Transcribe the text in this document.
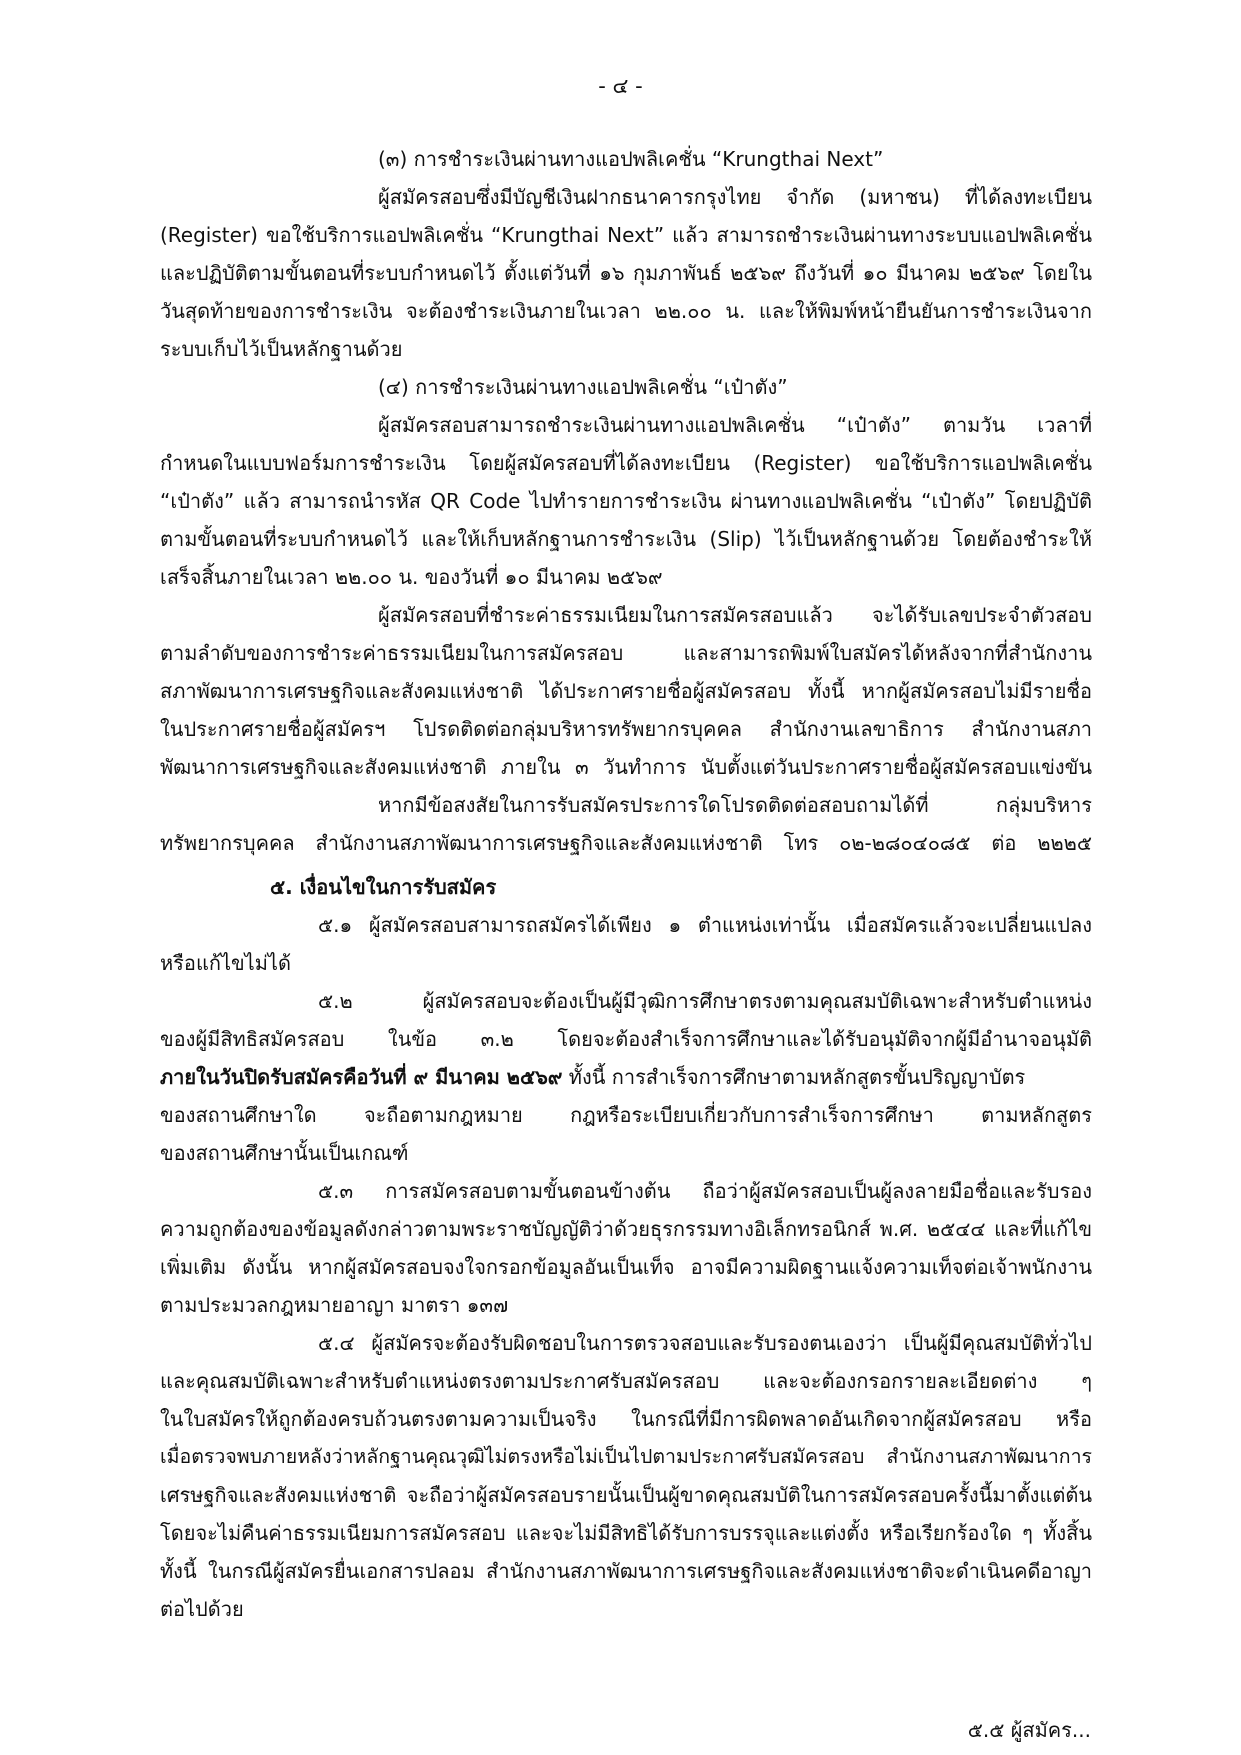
- ๔ -
(๓) การชำระเงินผ่านทางแอปพลิเคชั่น “Krungthai Next”
ผู้สมัครสอบซึ่งมีบัญชีเงินฝากธนาคารกรุงไทย จำกัด (มหาชน) ที่ได้ลงทะเบียน
(Register) ขอใช้บริการแอปพลิเคชั่น “Krungthai Next” แล้ว สามารถชำระเงินผ่านทางระบบแอปพลิเคชั่น
และปฏิบัติตามขั้นตอนที่ระบบกำหนดไว้ ตั้งแต่วันที่ ๑๖ กุมภาพันธ์ ๒๕๖๙ ถึงวันที่ ๑๐ มีนาคม ๒๕๖๙ โดยใน
วันสุดท้ายของการชำระเงิน จะต้องชำระเงินภายในเวลา ๒๒.๐๐ น. และให้พิมพ์หน้ายืนยันการชำระเงินจาก
ระบบเก็บไว้เป็นหลักฐานด้วย
(๔) การชำระเงินผ่านทางแอปพลิเคชั่น “เป๋าตัง”
ผู้สมัครสอบสามารถชำระเงินผ่านทางแอปพลิเคชั่น “เป๋าตัง” ตามวัน เวลาที่
กำหนดในแบบฟอร์มการชำระเงิน โดยผู้สมัครสอบที่ได้ลงทะเบียน (Register) ขอใช้บริการแอปพลิเคชั่น
“เป๋าตัง” แล้ว สามารถนำรหัส QR Code ไปทำรายการชำระเงิน ผ่านทางแอปพลิเคชั่น “เป๋าตัง” โดยปฏิบัติ
ตามขั้นตอนที่ระบบกำหนดไว้ และให้เก็บหลักฐานการชำระเงิน (Slip) ไว้เป็นหลักฐานด้วย โดยต้องชำระให้
เสร็จสิ้นภายในเวลา ๒๒.๐๐ น. ของวันที่ ๑๐ มีนาคม ๒๕๖๙
ผู้สมัครสอบที่ชำระค่าธรรมเนียมในการสมัครสอบแล้ว จะได้รับเลขประจำตัวสอบ
ตามลำดับของการชำระค่าธรรมเนียมในการสมัครสอบ และสามารถพิมพ์ใบสมัครได้หลังจากที่สำนักงาน
สภาพัฒนาการเศรษฐกิจและสังคมแห่งชาติ ได้ประกาศรายชื่อผู้สมัครสอบ ทั้งนี้ หากผู้สมัครสอบไม่มีรายชื่อ
ในประกาศรายชื่อผู้สมัครฯ โปรดติดต่อกลุ่มบริหารทรัพยากรบุคคล สำนักงานเลขาธิการ สำนักงานสภา
พัฒนาการเศรษฐกิจและสังคมแห่งชาติ ภายใน ๓ วันทำการ นับตั้งแต่วันประกาศรายชื่อผู้สมัครสอบแข่งขัน
หากมีข้อสงสัยในการรับสมัครประการใดโปรดติดต่อสอบถามได้ที่ กลุ่มบริหาร
ทรัพยากรบุคคล สำนักงานสภาพัฒนาการเศรษฐกิจและสังคมแห่งชาติ โทร ๐๒-๒๘๐๔๐๘๕ ต่อ ๒๒๒๕
๕. เงื่อนไขในการรับสมัคร
๕.๑ ผู้สมัครสอบสามารถสมัครได้เพียง ๑ ตำแหน่งเท่านั้น เมื่อสมัครแล้วจะเปลี่ยนแปลง
หรือแก้ไขไม่ได้
๕.๒ ผู้สมัครสอบจะต้องเป็นผู้มีวุฒิการศึกษาตรงตามคุณสมบัติเฉพาะสำหรับตำแหน่ง
ของผู้มีสิทธิสมัครสอบ ในข้อ ๓.๒ โดยจะต้องสำเร็จการศึกษาและได้รับอนุมัติจากผู้มีอำนาจอนุมัติ
ภายในวันปิดรับสมัครคือวันที่ ๙ มีนาคม ๒๕๖๙ ทั้งนี้ การสำเร็จการศึกษาตามหลักสูตรขั้นปริญญาบัตร
ของสถานศึกษาใด จะถือตามกฎหมาย กฎหรือระเบียบเกี่ยวกับการสำเร็จการศึกษา ตามหลักสูตร
ของสถานศึกษานั้นเป็นเกณฑ์
๕.๓ การสมัครสอบตามขั้นตอนข้างต้น ถือว่าผู้สมัครสอบเป็นผู้ลงลายมือชื่อและรับรอง
ความถูกต้องของข้อมูลดังกล่าวตามพระราชบัญญัติว่าด้วยธุรกรรมทางอิเล็กทรอนิกส์ พ.ศ. ๒๕๔๔ และที่แก้ไข
เพิ่มเติม ดังนั้น หากผู้สมัครสอบจงใจกรอกข้อมูลอันเป็นเท็จ อาจมีความผิดฐานแจ้งความเท็จต่อเจ้าพนักงาน
ตามประมวลกฎหมายอาญา มาตรา ๑๓๗
๕.๔ ผู้สมัครจะต้องรับผิดชอบในการตรวจสอบและรับรองตนเองว่า เป็นผู้มีคุณสมบัติทั่วไป
และคุณสมบัติเฉพาะสำหรับตำแหน่งตรงตามประกาศรับสมัครสอบ และจะต้องกรอกรายละเอียดต่าง ๆ
ในใบสมัครให้ถูกต้องครบถ้วนตรงตามความเป็นจริง ในกรณีที่มีการผิดพลาดอันเกิดจากผู้สมัครสอบ หรือ
เมื่อตรวจพบภายหลังว่าหลักฐานคุณวุฒิไม่ตรงหรือไม่เป็นไปตามประกาศรับสมัครสอบ สำนักงานสภาพัฒนาการ
เศรษฐกิจและสังคมแห่งชาติ จะถือว่าผู้สมัครสอบรายนั้นเป็นผู้ขาดคุณสมบัติในการสมัครสอบครั้งนี้มาตั้งแต่ต้น
โดยจะไม่คืนค่าธรรมเนียมการสมัครสอบ และจะไม่มีสิทธิได้รับการบรรจุและแต่งตั้ง หรือเรียกร้องใด ๆ ทั้งสิ้น
ทั้งนี้ ในกรณีผู้สมัครยื่นเอกสารปลอม สำนักงานสภาพัฒนาการเศรษฐกิจและสังคมแห่งชาติจะดำเนินคดีอาญา
ต่อไปด้วย
๕.๕ ผู้สมัคร...
